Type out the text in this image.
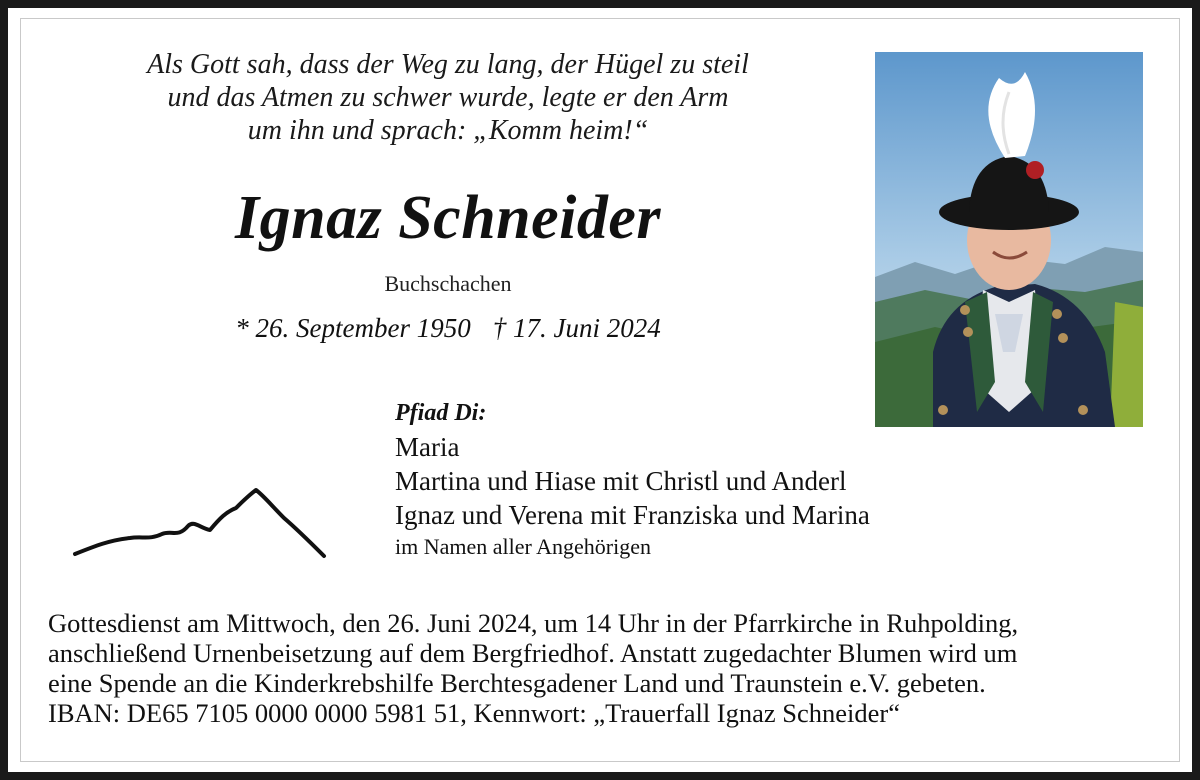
Als Gott sah, dass der Weg zu lang, der Hügel zu steil
und das Atmen zu schwer wurde, legte er den Arm
um ihn und sprach: „Komm heim!“
Ignaz Schneider
Buchschachen
* 26. September 1950 † 17. Juni 2024
Pfiad Di:
Maria
Martina und Hiase mit Christl und Anderl
Ignaz und Verena mit Franziska und Marina
im Namen aller Angehörigen
Gottesdienst am Mittwoch, den 26. Juni 2024, um 14 Uhr in der Pfarrkirche in Ruhpolding,
anschließend Urnenbeisetzung auf dem Bergfriedhof. Anstatt zugedachter Blumen wird um
eine Spende an die Kinderkrebshilfe Berchtesgadener Land und Traunstein e.V. gebeten.
IBAN: DE65 7105 0000 0000 5981 51, Kennwort: „Trauerfall Ignaz Schneider“
